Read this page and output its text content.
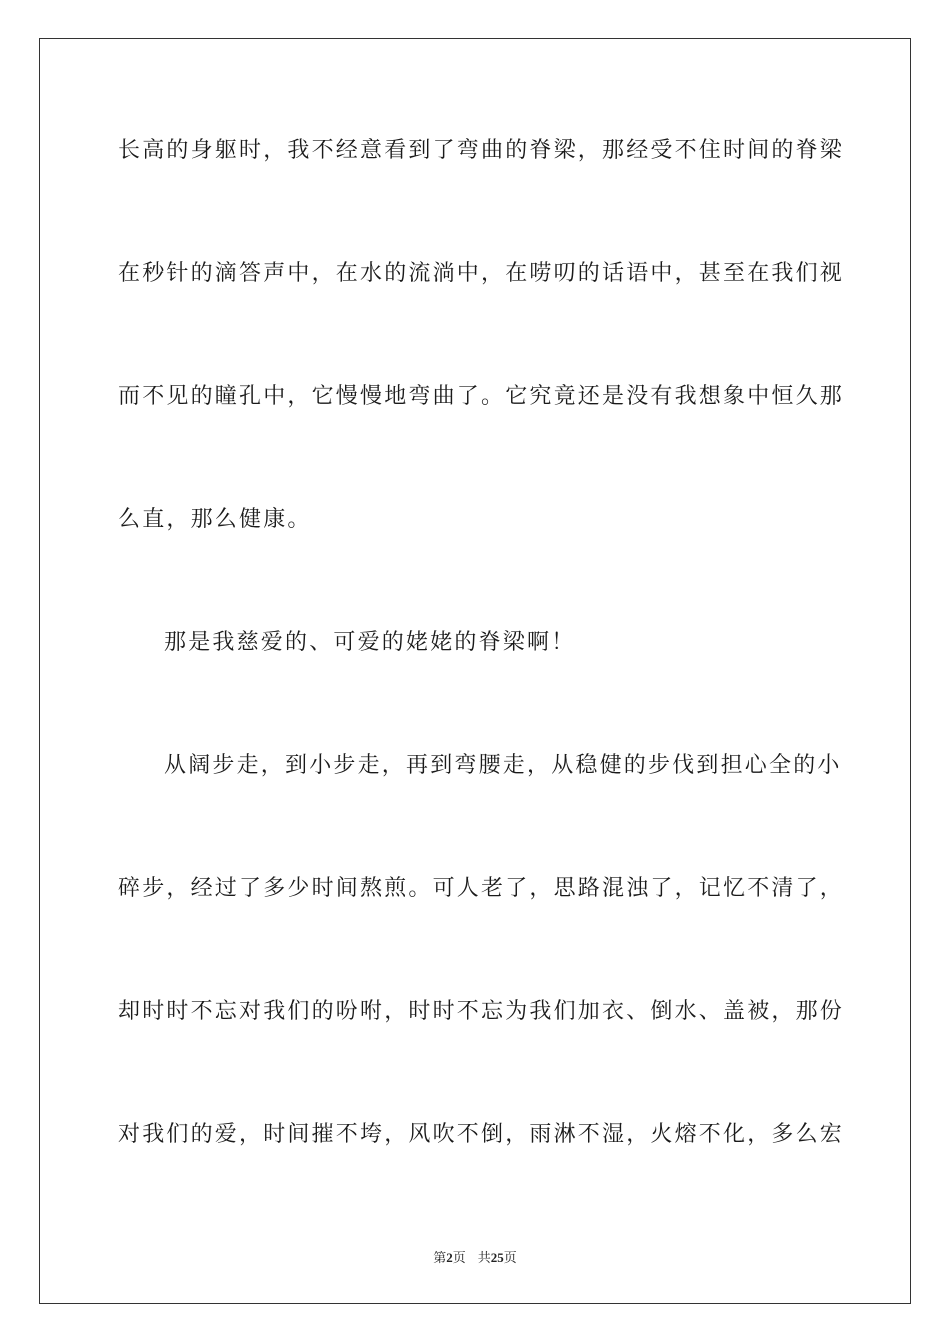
长高的身躯时，我不经意看到了弯曲的脊梁，那经受不住时间的脊梁
在秒针的滴答声中，在水的流淌中，在唠叨的话语中，甚至在我们视
而不见的瞳孔中，它慢慢地弯曲了。它究竟还是没有我想象中恒久那
么直，那么健康。
那是我慈爱的、可爱的姥姥的脊梁啊！
从阔步走，到小步走，再到弯腰走，从稳健的步伐到担心全的小
碎步，经过了多少时间熬煎。可人老了，思路混浊了，记忆不清了，
却时时不忘对我们的吩咐，时时不忘为我们加衣、倒水、盖被，那份
对我们的爱，时间摧不垮，风吹不倒，雨淋不湿，火熔不化，多么宏
第2页 共25页
